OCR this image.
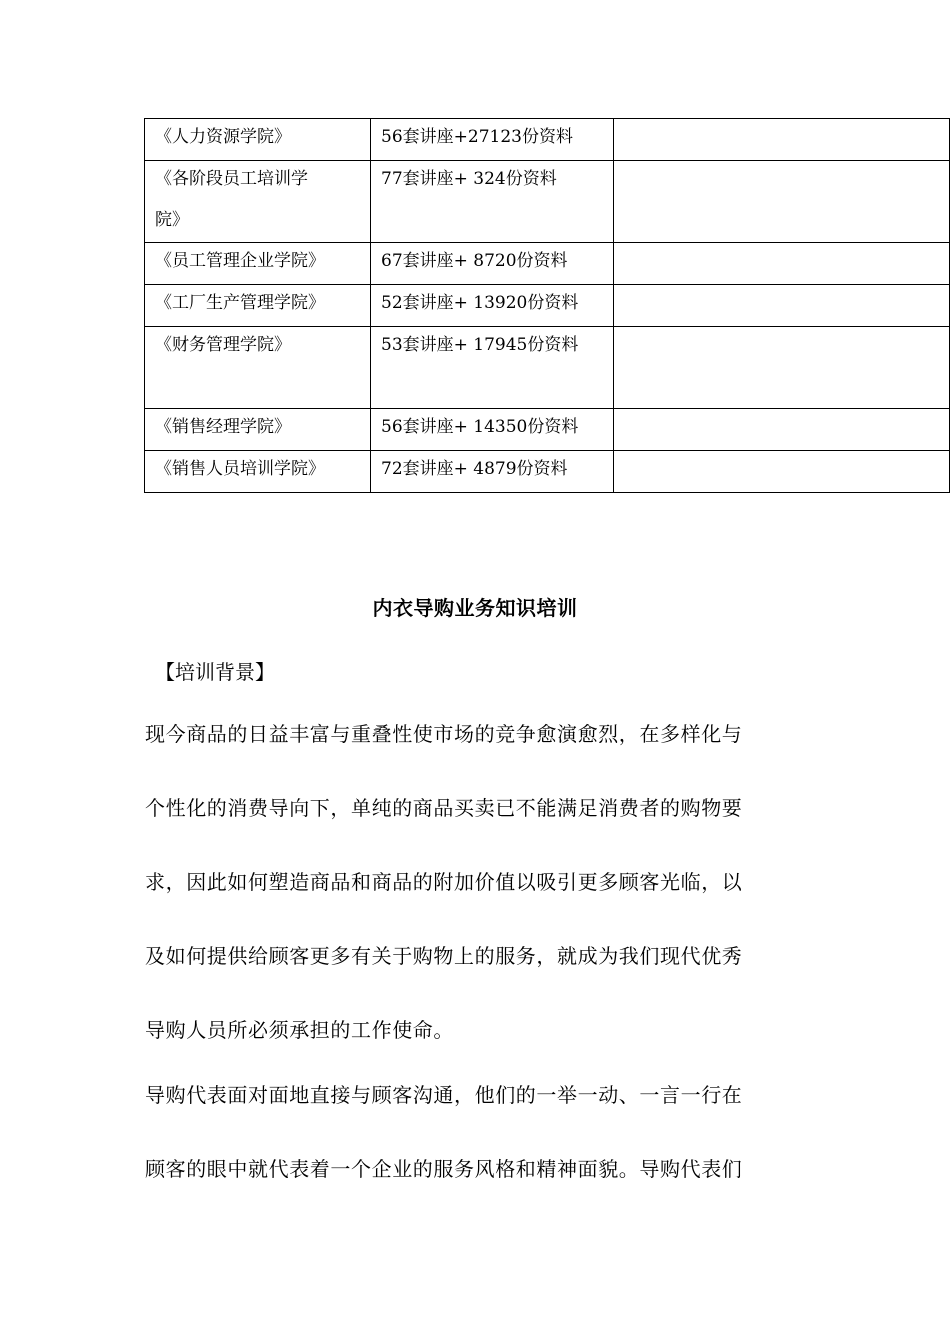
《人力资源学院》	56套讲座+27123份资料	

《各阶段员工培训学院》	77套讲座+ 324份资料	

《员工管理企业学院》	67套讲座+ 8720份资料	

《工厂生产管理学院》	52套讲座+ 13920份资料	

《财务管理学院》	53套讲座+ 17945份资料	

《销售经理学院》	56套讲座+ 14350份资料	

《销售人员培训学院》	72套讲座+ 4879份资料	

内衣导购业务知识培训
【培训背景】
现今商品的日益丰富与重叠性使市场的竞争愈演愈烈，在多样化与
个性化的消费导向下，单纯的商品买卖已不能满足消费者的购物要
求，因此如何塑造商品和商品的附加价值以吸引更多顾客光临，以
及如何提供给顾客更多有关于购物上的服务，就成为我们现代优秀
导购人员所必须承担的工作使命。
导购代表面对面地直接与顾客沟通，他们的一举一动、一言一行在
顾客的眼中就代表着一个企业的服务风格和精神面貌。导购代表们
